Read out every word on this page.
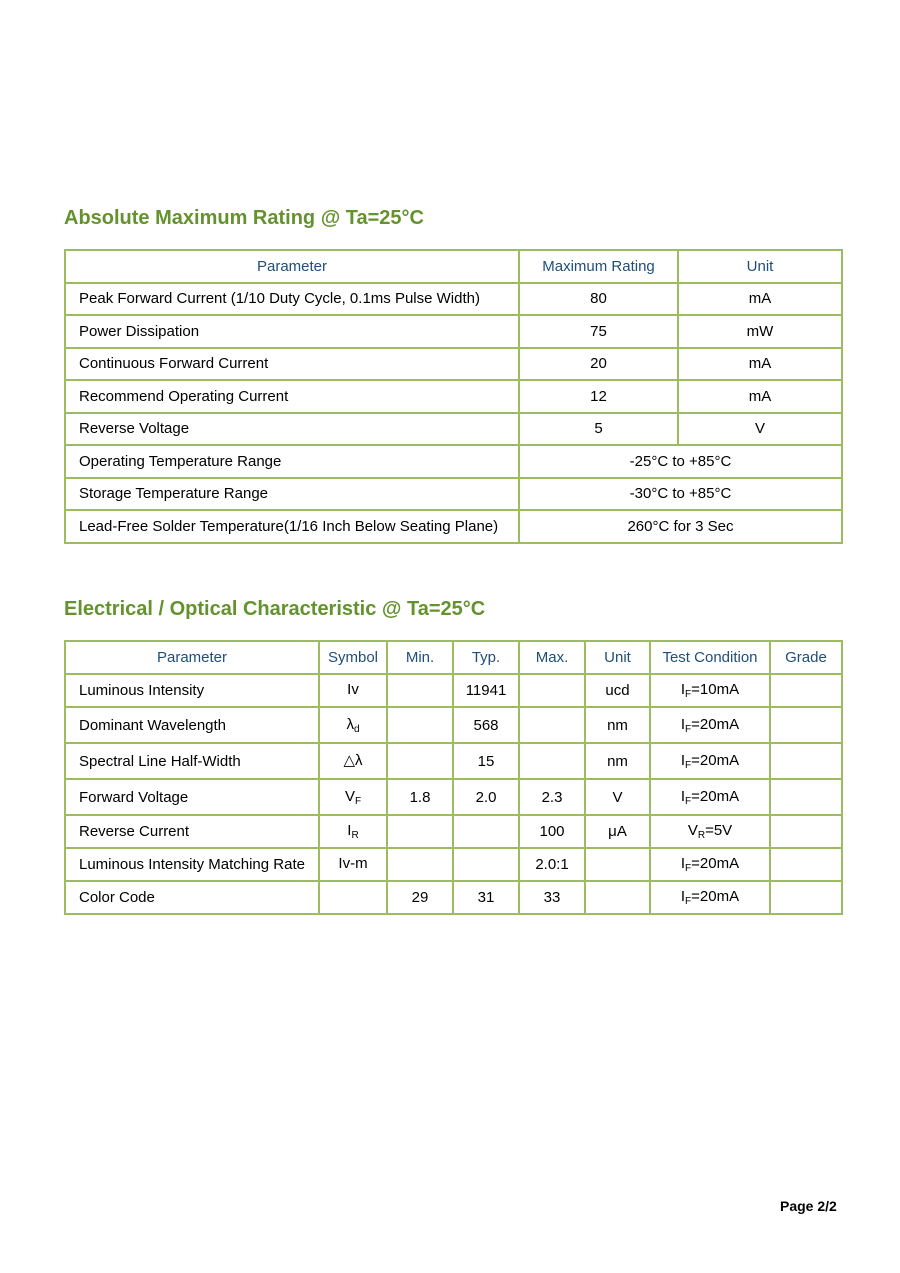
Absolute Maximum Rating @ Ta=25°C
Parameter	Maximum Rating	Unit
Peak Forward Current (1/10 Duty Cycle, 0.1ms Pulse Width)	80	mA
Power Dissipation	75	mW
Continuous Forward Current	20	mA
Recommend Operating Current	12	mA
Reverse Voltage	5	V
Operating Temperature Range	-25°C to +85°C	
Storage Temperature Range	-30°C to +85°C	
Lead-Free Solder Temperature(1/16 Inch Below Seating Plane)	260°C for 3 Sec	
Electrical / Optical Characteristic @ Ta=25°C
Parameter	Symbol	Min.	Typ.	Max.	Unit	Test Condition	Grade
Luminous Intensity	Iv		11941		ucd	$I_F=10mA$	
Dominant Wavelength	$\lambda_d$		568		nm	$I_F=20mA$	
Spectral Line Half-Width	△λ		15		nm	$I_F=20mA$	
Forward Voltage	$V_F$	1.8	2.0	2.3	V	$I_F=20mA$	
Reverse Current	$I_R$			100	μA	$V_R=5V$	
Luminous Intensity Matching Rate	Iv-m			2.0:1		$I_F=20mA$	
Color Code		29	31	33		$I_F=20mA$	
Page 2/2
